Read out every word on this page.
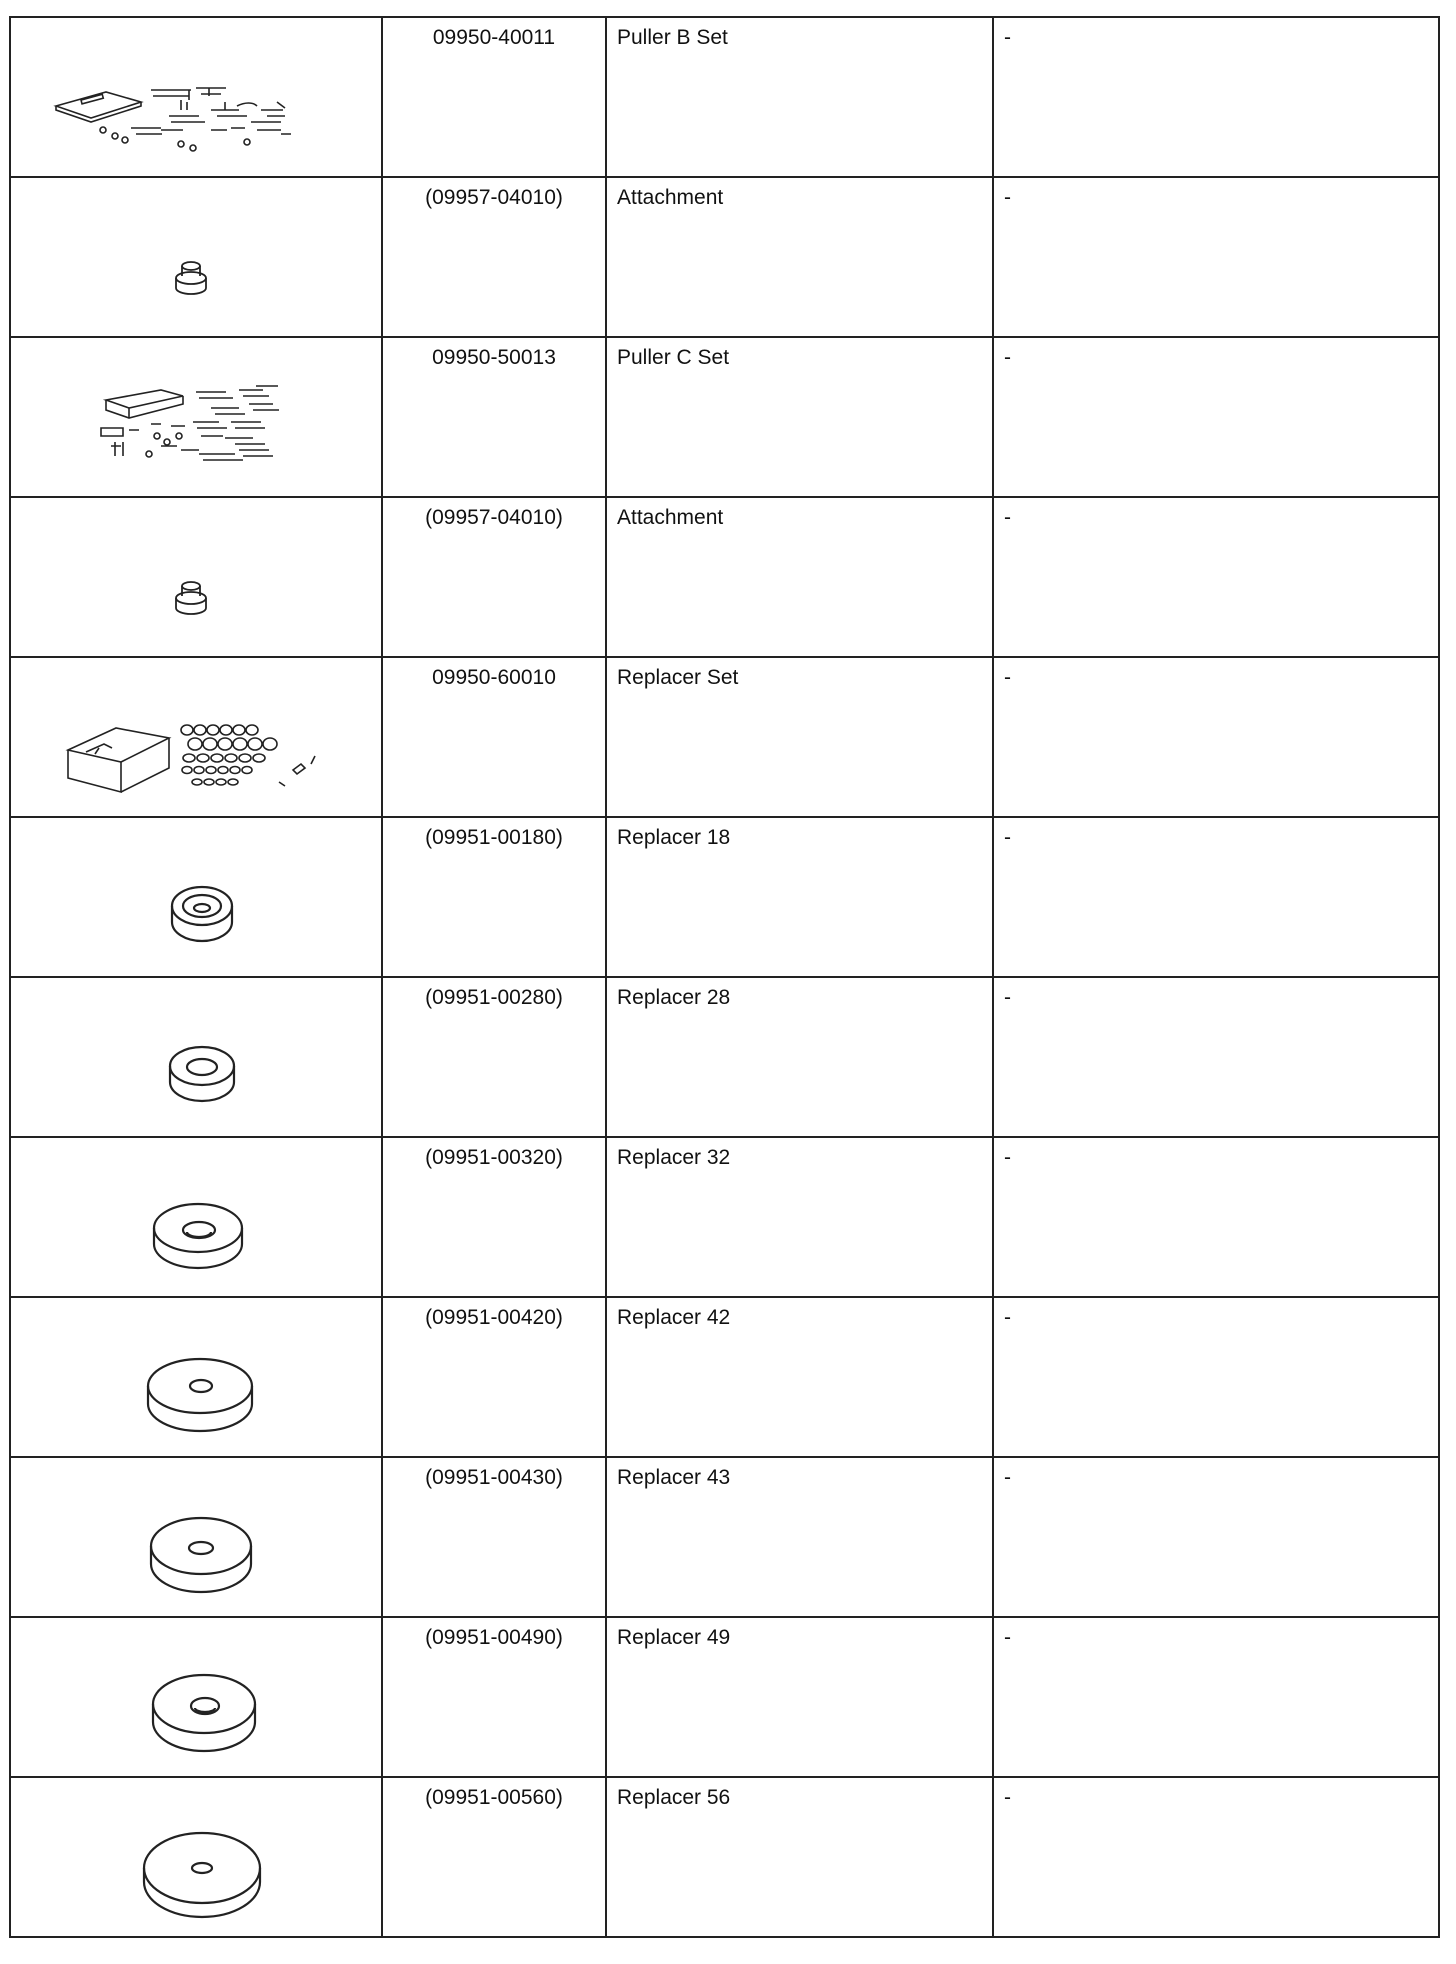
09950-40011	Puller B Set	-

(09957-04010)	Attachment	-

09950-50013	Puller C Set	-

(09957-04010)	Attachment	-

09950-60010	Replacer Set	-

(09951-00180)	Replacer 18	-

(09951-00280)	Replacer 28	-

(09951-00320)	Replacer 32	-

(09951-00420)	Replacer 42	-

(09951-00430)	Replacer 43	-

(09951-00490)	Replacer 49	-

(09951-00560)	Replacer 56	-
